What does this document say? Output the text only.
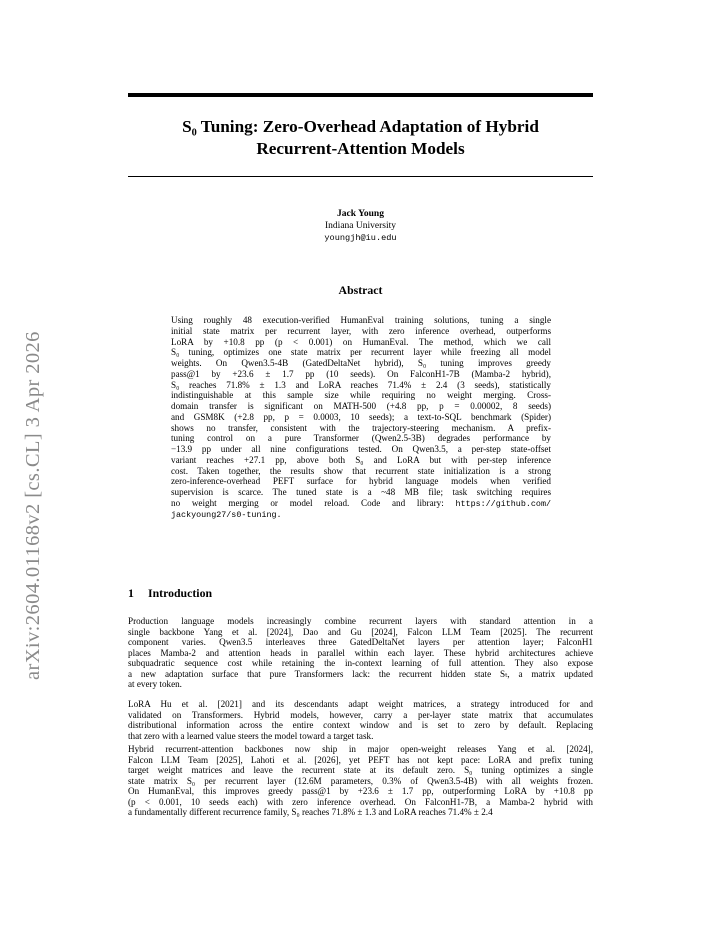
arXiv:2604.01168v2 [cs.CL] 3 Apr 2026
S₀ Tuning: Zero-Overhead Adaptation of Hybrid
Recurrent-Attention Models
Jack Young
Indiana University
youngjh@iu.edu
Abstract
Using roughly 48 execution-verified HumanEval training solutions, tuning a single
initial state matrix per recurrent layer, with zero inference overhead, outperforms
LoRA by +10.8 pp (p < 0.001) on HumanEval. The method, which we call
S₀ tuning, optimizes one state matrix per recurrent layer while freezing all model
weights. On Qwen3.5-4B (GatedDeltaNet hybrid), S₀ tuning improves greedy
pass@1 by +23.6 ± 1.7 pp (10 seeds). On FalconH1-7B (Mamba-2 hybrid),
S₀ reaches 71.8% ± 1.3 and LoRA reaches 71.4% ± 2.4 (3 seeds), statistically
indistinguishable at this sample size while requiring no weight merging. Cross-
domain transfer is significant on MATH-500 (+4.8 pp, p = 0.00002, 8 seeds)
and GSM8K (+2.8 pp, p = 0.0003, 10 seeds); a text-to-SQL benchmark (Spider)
shows no transfer, consistent with the trajectory-steering mechanism. A prefix-
tuning control on a pure Transformer (Qwen2.5-3B) degrades performance by
−13.9 pp under all nine configurations tested. On Qwen3.5, a per-step state-offset
variant reaches +27.1 pp, above both S₀ and LoRA but with per-step inference
cost. Taken together, the results show that recurrent state initialization is a strong
zero-inference-overhead PEFT surface for hybrid language models when verified
supervision is scarce. The tuned state is a ~48 MB file; task switching requires
no weight merging or model reload. Code and library: https://github.com/
jackyoung27/s0-tuning.
1 Introduction
Production language models increasingly combine recurrent layers with standard attention in a
single backbone Yang et al. [2024], Dao and Gu [2024], Falcon LLM Team [2025]. The recurrent
component varies. Qwen3.5 interleaves three GatedDeltaNet layers per attention layer; FalconH1
places Mamba-2 and attention heads in parallel within each layer. These hybrid architectures achieve
subquadratic sequence cost while retaining the in-context learning of full attention. They also expose
a new adaptation surface that pure Transformers lack: the recurrent hidden state Sₜ, a matrix updated
at every token.
LoRA Hu et al. [2021] and its descendants adapt weight matrices, a strategy introduced for and
validated on Transformers. Hybrid models, however, carry a per-layer state matrix that accumulates
distributional information across the entire context window and is set to zero by default. Replacing
that zero with a learned value steers the model toward a target task.
Hybrid recurrent-attention backbones now ship in major open-weight releases Yang et al. [2024],
Falcon LLM Team [2025], Lahoti et al. [2026], yet PEFT has not kept pace: LoRA and prefix tuning
target weight matrices and leave the recurrent state at its default zero. S₀ tuning optimizes a single
state matrix S₀ per recurrent layer (12.6M parameters, 0.3% of Qwen3.5-4B) with all weights frozen.
On HumanEval, this improves greedy pass@1 by +23.6 ± 1.7 pp, outperforming LoRA by +10.8 pp
(p < 0.001, 10 seeds each) with zero inference overhead. On FalconH1-7B, a Mamba-2 hybrid with
a fundamentally different recurrence family, S₀ reaches 71.8% ± 1.3 and LoRA reaches 71.4% ± 2.4
